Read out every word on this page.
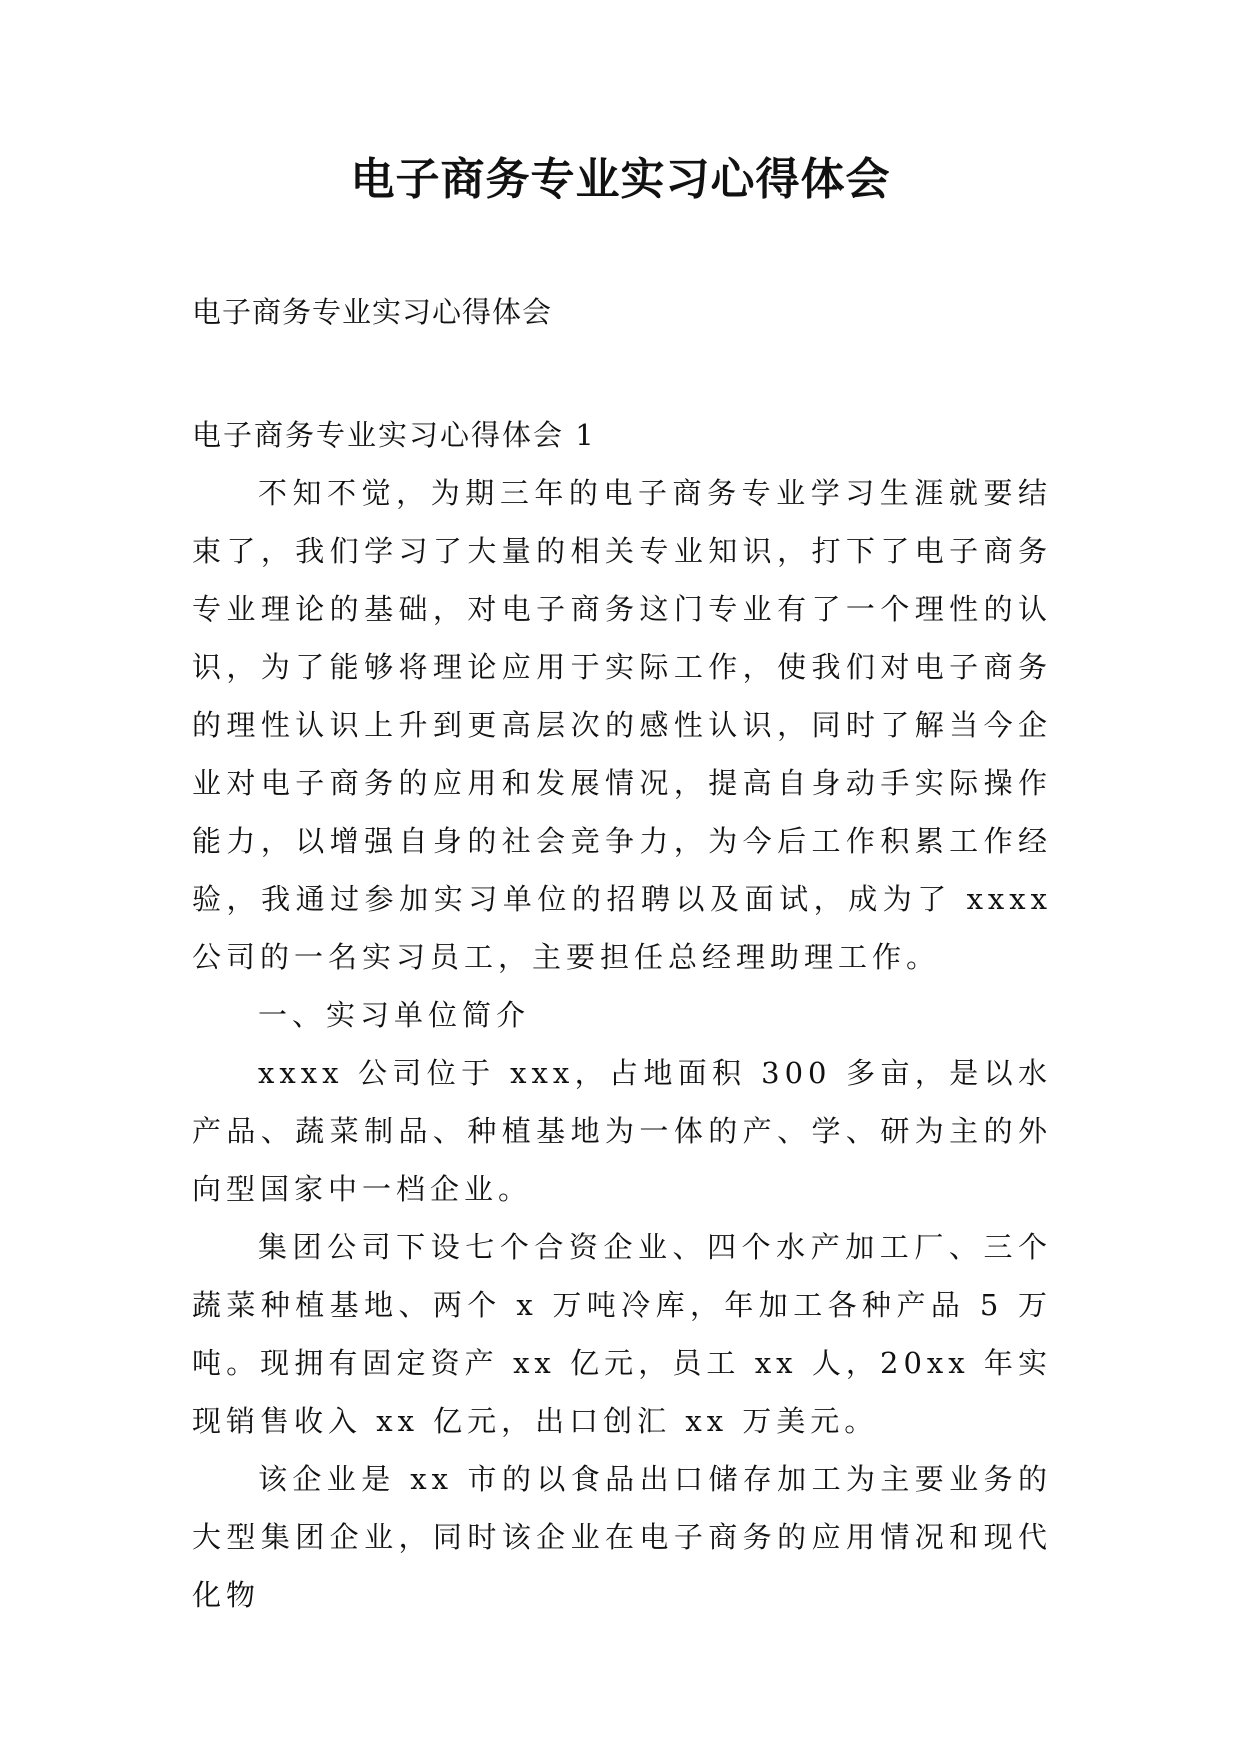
电子商务专业实习心得体会
电子商务专业实习心得体会

电子商务专业实习心得体会 1

不知不觉，为期三年的电子商务专业学习生涯就要结束了，我们学习了大量的相关专业知识，打下了电子商务专业理论的基础，对电子商务这门专业有了一个理性的认识，为了能够将理论应用于实际工作，使我们对电子商务的理性认识上升到更高层次的感性认识，同时了解当今企业对电子商务的应用和发展情况，提高自身动手实际操作能力，以增强自身的社会竞争力，为今后工作积累工作经验，我通过参加实习单位的招聘以及面试，成为了 xxxx 公司的一名实习员工，主要担任总经理助理工作。

一、实习单位简介

xxxx 公司位于 xxx，占地面积 300 多亩，是以水产品、蔬菜制品、种植基地为一体的产、学、研为主的外向型国家中一档企业。

集团公司下设七个合资企业、四个水产加工厂、三个蔬菜种植基地、两个 x 万吨冷库，年加工各种产品 5 万吨。现拥有固定资产 xx 亿元，员工 xx 人，20xx 年实现销售收入 xx 亿元，出口创汇 xx 万美元。

该企业是 xx 市的以食品出口储存加工为主要业务的大型集团企业，同时该企业在电子商务的应用情况和现代化物
